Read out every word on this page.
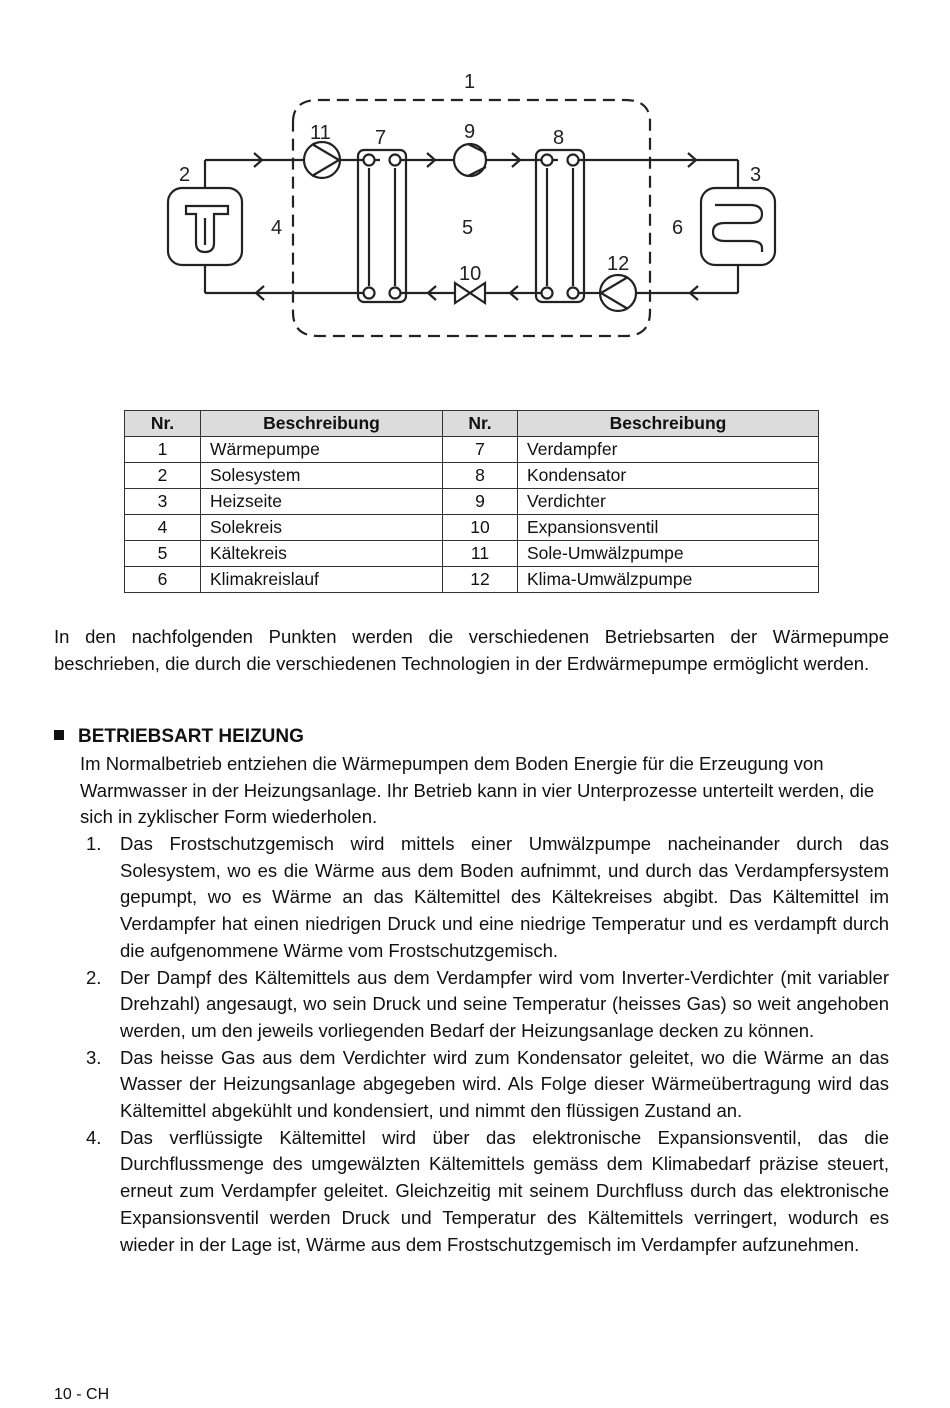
1
2	3
4	5	6
7	8
9
10
11
12
Nr.	Beschreibung	Nr.	Beschreibung
1	Wärmepumpe	7	Verdampfer
2	Solesystem	8	Kondensator
3	Heizseite	9	Verdichter
4	Solekreis	10	Expansionsventil
5	Kältekreis	11	Sole-Umwälzpumpe
6	Klimakreislauf	12	Klima-Umwälzpumpe

In den nachfolgenden Punkten werden die verschiedenen Betriebsarten der Wärmepumpe beschrieben, die durch die verschiedenen Technologien in der Erdwärmepumpe ermöglicht werden.

BETRIEBSART HEIZUNG

Im Normalbetrieb entziehen die Wärmepumpen dem Boden Energie für die Erzeugung von Warmwasser in der Heizungsanlage. Ihr Betrieb kann in vier Unterprozesse unterteilt werden, die sich in zyklischer Form wiederholen.

1. Das Frostschutzgemisch wird mittels einer Umwälzpumpe nacheinander durch das Solesystem, wo es die Wärme aus dem Boden aufnimmt, und durch das Verdampfersystem gepumpt, wo es Wärme an das Kältemittel des Kältekreises abgibt. Das Kältemittel im Verdampfer hat einen niedrigen Druck und eine niedrige Temperatur und es verdampft durch die aufgenommene Wärme vom Frostschutzgemisch.
2. Der Dampf des Kältemittels aus dem Verdampfer wird vom Inverter-Verdichter (mit variabler Drehzahl) angesaugt, wo sein Druck und seine Temperatur (heisses Gas) so weit angehoben werden, um den jeweils vorliegenden Bedarf der Heizungsanlage decken zu können.
3. Das heisse Gas aus dem Verdichter wird zum Kondensator geleitet, wo die Wärme an das Wasser der Heizungsanlage abgegeben wird. Als Folge dieser Wärmeübertragung wird das Kältemittel abgekühlt und kondensiert, und nimmt den flüssigen Zustand an.
4. Das verflüssigte Kältemittel wird über das elektronische Expansionsventil, das die Durchflussmenge des umgewälzten Kältemittels gemäss dem Klimabedarf präzise steuert, erneut zum Verdampfer geleitet. Gleichzeitig mit seinem Durchfluss durch das elektronische Expansionsventil werden Druck und Temperatur des Kältemittels verringert, wodurch es wieder in der Lage ist, Wärme aus dem Frostschutzgemisch im Verdampfer aufzunehmen.
10 - CH
